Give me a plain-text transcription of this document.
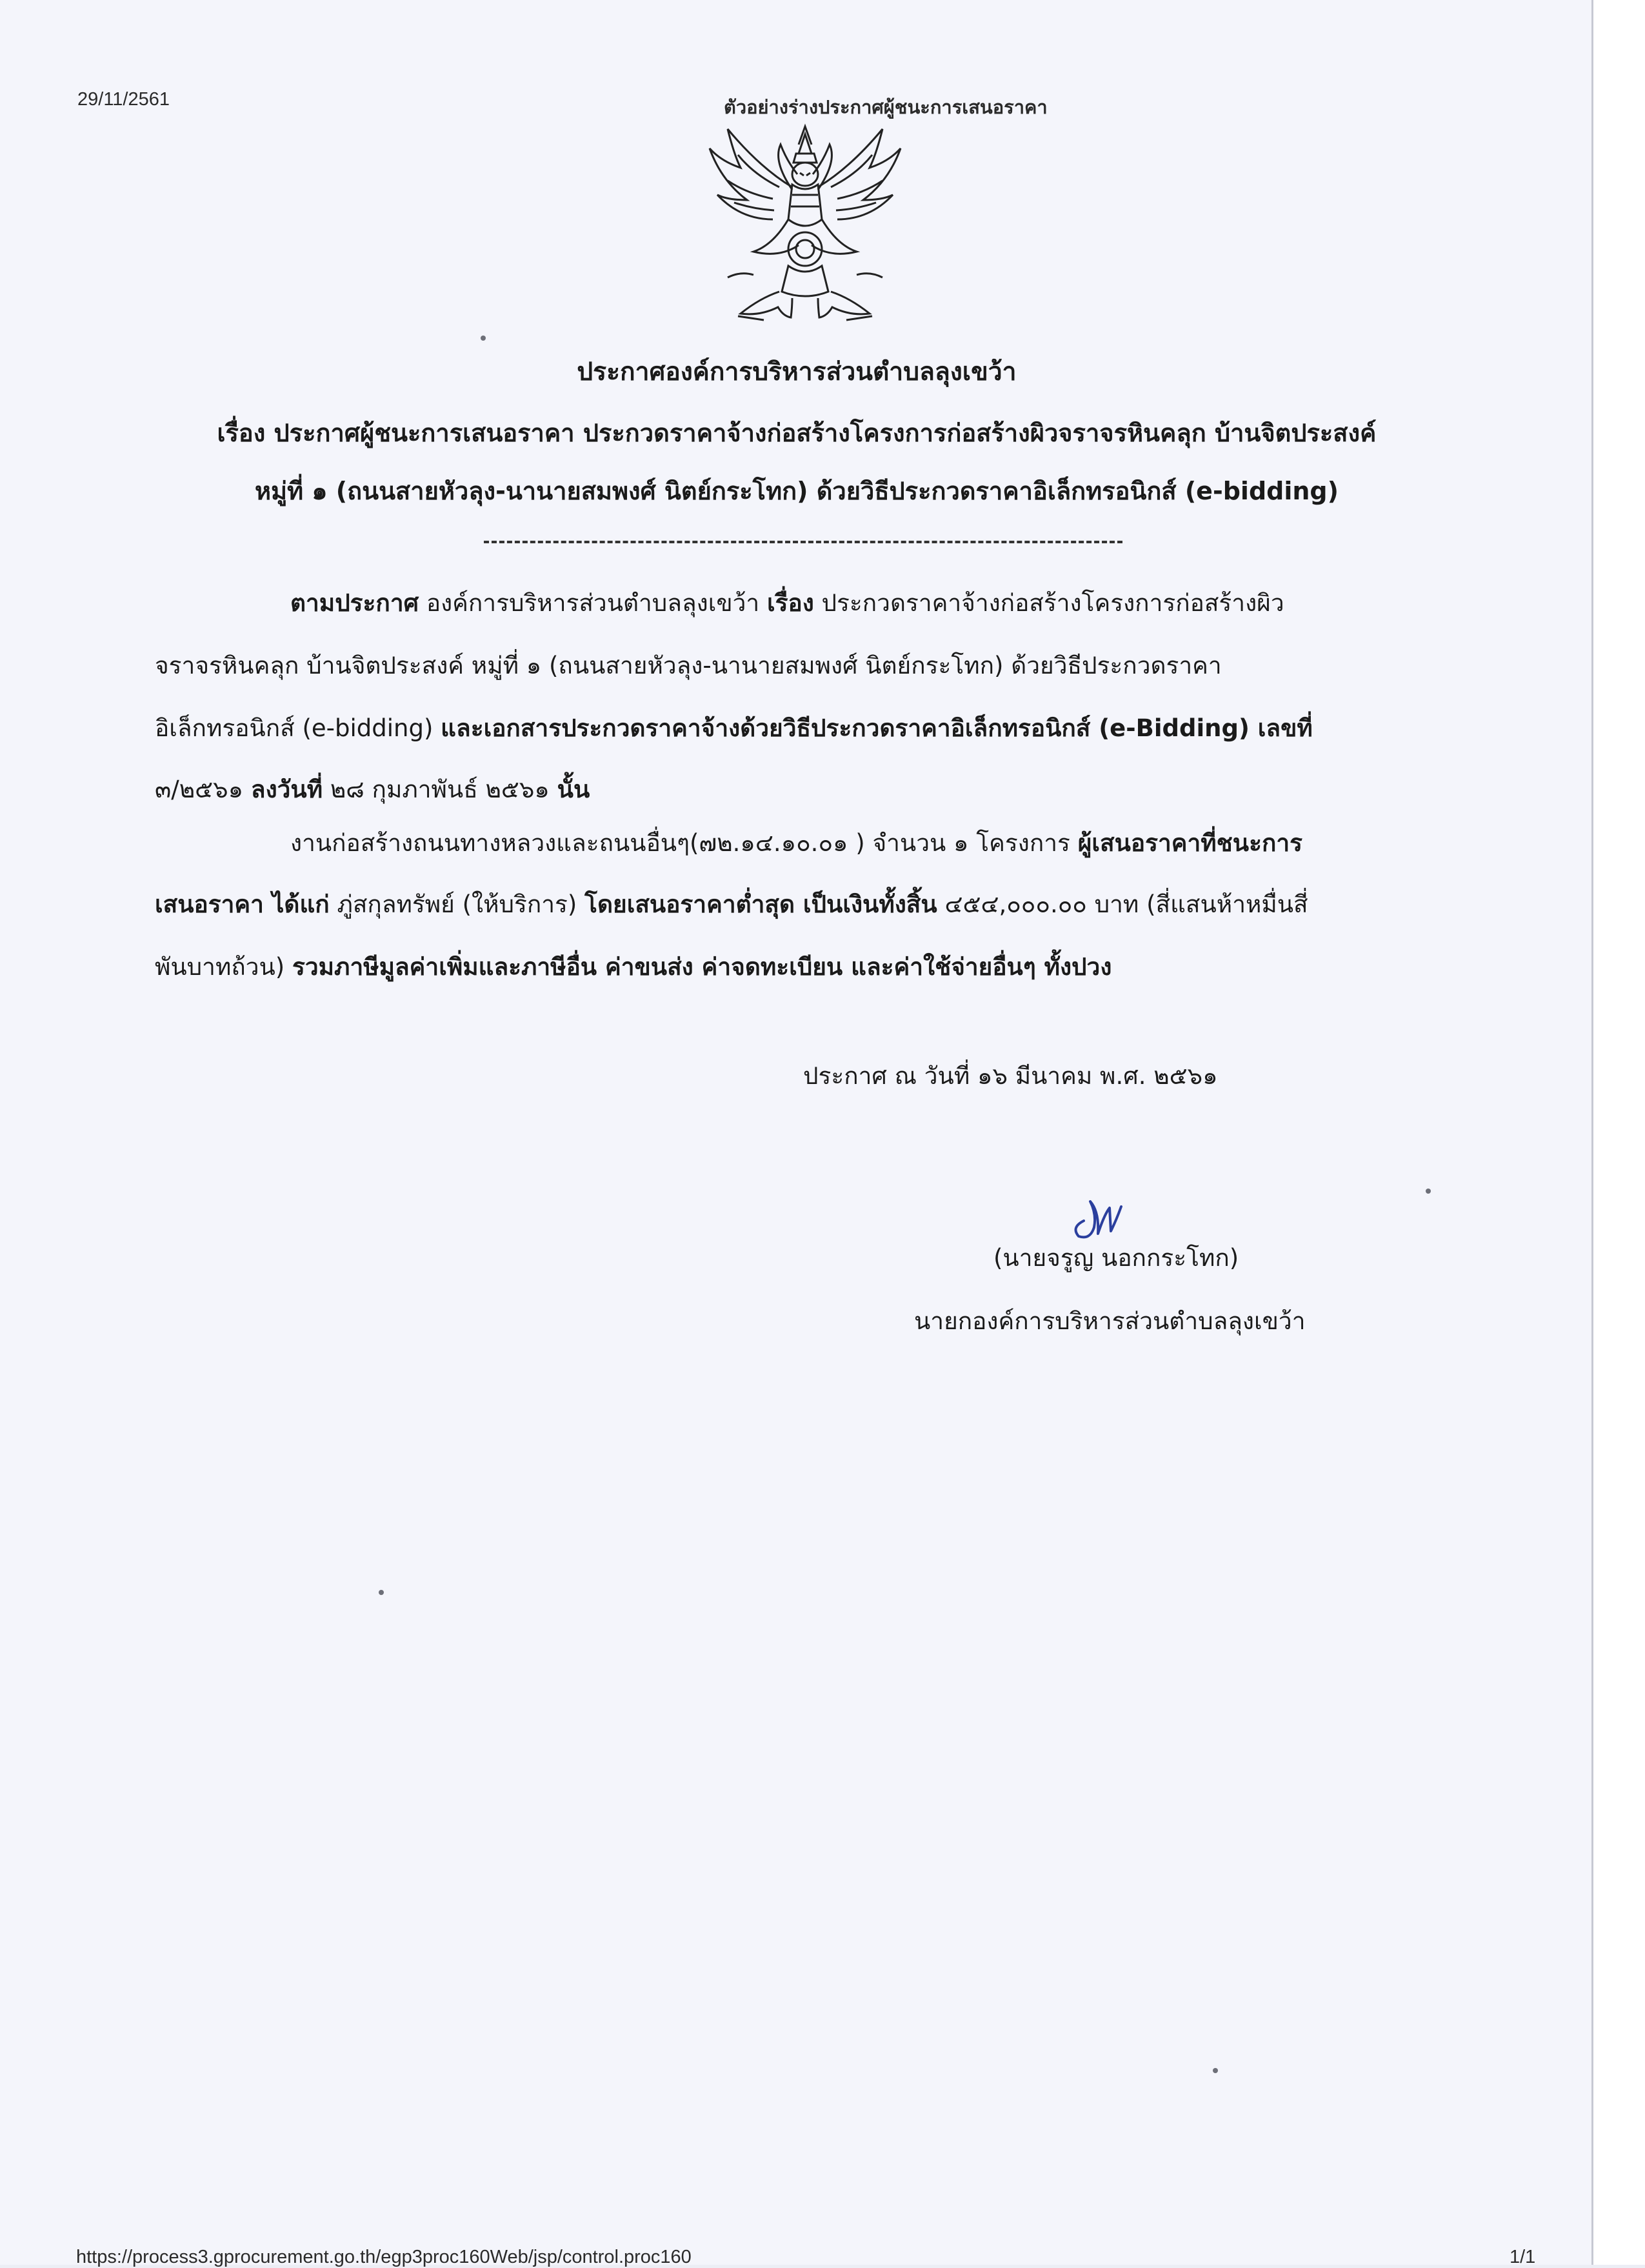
29/11/2561	ตัวอย่างร่างประกาศผู้ชนะการเสนอราคา
ประกาศองค์การบริหารส่วนตำบลลุงเขว้า
เรื่อง ประกาศผู้ชนะการเสนอราคา ประกวดราคาจ้างก่อสร้างโครงการก่อสร้างผิวจราจรหินคลุก บ้านจิตประสงค์
หมู่ที่ ๑ (ถนนสายหัวลุง-นานายสมพงศ์ นิตย์กระโทก) ด้วยวิธีประกวดราคาอิเล็กทรอนิกส์ (e-bidding)
ตามประกาศ องค์การบริหารส่วนตำบลลุงเขว้า เรื่อง ประกวดราคาจ้างก่อสร้างโครงการก่อสร้างผิว
จราจรหินคลุก บ้านจิตประสงค์ หมู่ที่ ๑ (ถนนสายหัวลุง-นานายสมพงศ์ นิตย์กระโทก) ด้วยวิธีประกวดราคา
อิเล็กทรอนิกส์ (e-bidding) และเอกสารประกวดราคาจ้างด้วยวิธีประกวดราคาอิเล็กทรอนิกส์ (e-Bidding) เลขที่
๓/๒๕๖๑ ลงวันที่ ๒๘ กุมภาพันธ์ ๒๕๖๑ นั้น
งานก่อสร้างถนนทางหลวงและถนนอื่นๆ(๗๒.๑๔.๑๐.๐๑ ) จำนวน ๑ โครงการ ผู้เสนอราคาที่ชนะการ
เสนอราคา ได้แก่ ภู่สกุลทรัพย์ (ให้บริการ) โดยเสนอราคาต่ำสุด เป็นเงินทั้งสิ้น ๔๕๔,๐๐๐.๐๐ บาท (สี่แสนห้าหมื่นสี่
พันบาทถ้วน) รวมภาษีมูลค่าเพิ่มและภาษีอื่น ค่าขนส่ง ค่าจดทะเบียน และค่าใช้จ่ายอื่นๆ ทั้งปวง
ประกาศ ณ วันที่ ๑๖ มีนาคม พ.ศ. ๒๕๖๑
(นายจรูญ นอกกระโทก)
นายกองค์การบริหารส่วนตำบลลุงเขว้า
https://process3.gprocurement.go.th/egp3proc160Web/jsp/control.proc160	1/1
